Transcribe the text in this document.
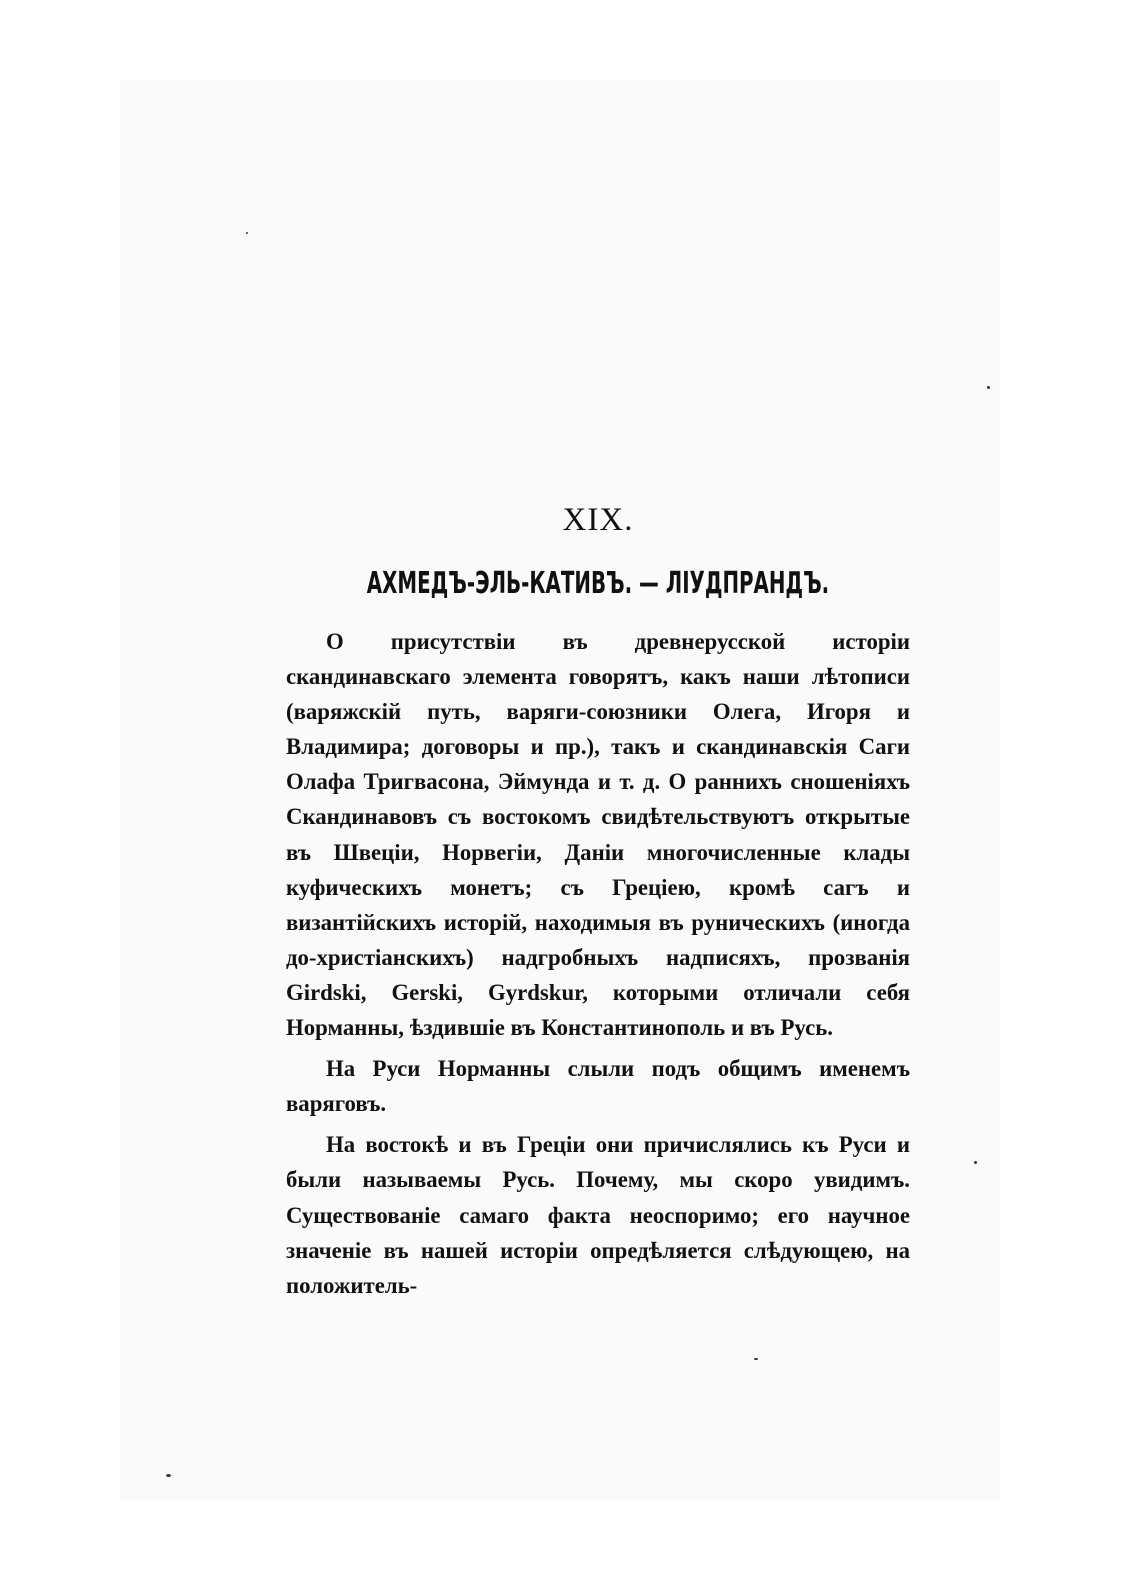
XIX.
АХМЕДЪ-ЭЛЬ-КАТИВЪ. — ЛІУДПРАНДЪ.

О присутствіи въ древнерусской исторіи скандинавскаго элемента говорятъ, какъ наши лѣтописи (варяжскій путь, варяги-союзники Олега, Игоря и Владимира; договоры и пр.), такъ и скандинавскія Саги Олафа Тригвасона, Эймунда и т. д. О раннихъ сношеніяхъ Скандинавовъ съ востокомъ свидѣтельствуютъ открытые въ Швеціи, Норвегіи, Даніи многочисленные клады куфическихъ монетъ; съ Греціею, кромѣ сагъ и византійскихъ исторій, находимыя въ руническихъ (иногда до-христіанскихъ) надгробныхъ надписяхъ, прозванія Girdski, Gerski, Gyrdskur, которыми отличали себя Норманны, ѣздившіе въ Константинополь и въ Русь.

На Руси Норманны слыли подъ общимъ именемъ варяговъ.

На востокѣ и въ Греціи они причислялись къ Руси и были называемы Русь. Почему, мы скоро увидимъ. Существованіе самаго факта неоспоримо; его научное значеніе въ нашей исторіи опредѣляется слѣдующею, на положитель-
